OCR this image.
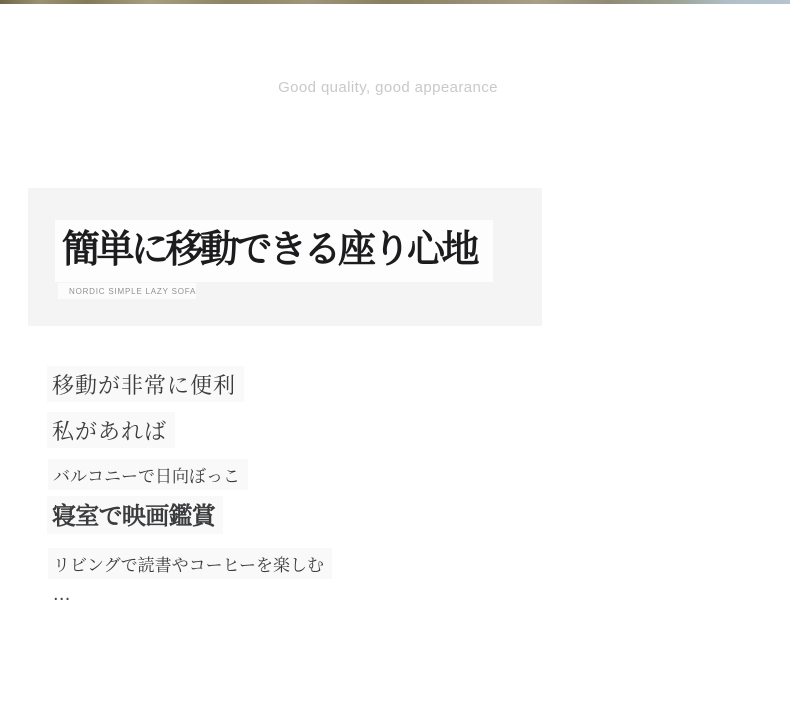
Good quality, good appearance
簡単に移動できる座り心地
NORDIC SIMPLE LAZY SOFA
移動が非常に便利
私があれば
バルコニーで日向ぼっこ
寝室で映画鑑賞
リビングで読書やコーヒーを楽しむ
...
